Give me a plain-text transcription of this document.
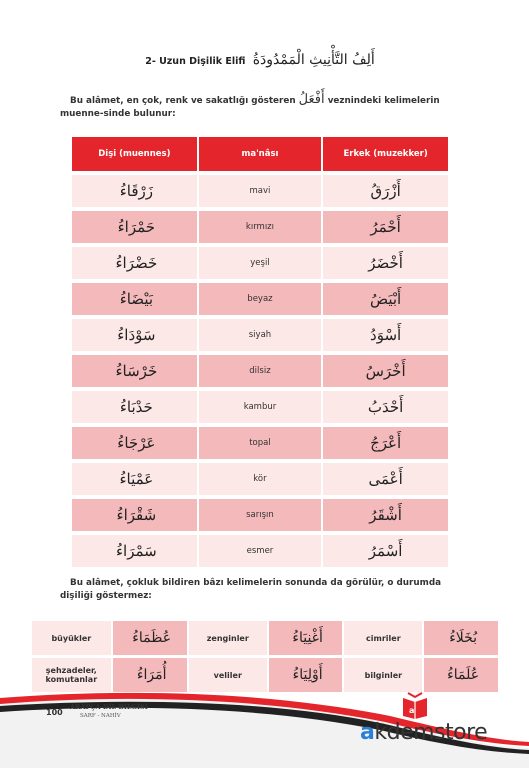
2- Uzun Dişilik Elifi أَلِفُ التَّأْنِيثِ الْمَمْدُودَةُ

Bu alâmet, en çok, renk ve sakatlığı gösteren أَفْعَلُ veznindeki kelimelerin muenne-sinde bulunur:

Dişi (muennes)	ma'nâsı	Erkek (muzekker)
زَرْقَاءُ	mavi	أَزْرَقُ
حَمْرَاءُ	kırmızı	أَحْمَرُ
خَضْرَاءُ	yeşil	أَخْضَرُ
بَيْضَاءُ	beyaz	أَبْيَضُ
سَوْدَاءُ	siyah	أَسْوَدُ
خَرْسَاءُ	dilsiz	أَخْرَسُ
حَدْبَاءُ	kambur	أَحْدَبُ
عَرْجَاءُ	topal	أَعْرَجُ
عَمْيَاءُ	kör	أَعْمَى
شَقْرَاءُ	sarışın	أَشْقَرُ
سَمْرَاءُ	esmer	أَسْمَرُ

Bu alâmet, çokluk bildiren bâzı kelimelerin sonunda da görülür, o durumda dişiliği göstermez:

büyükler	عُظَمَاءُ	zenginler	أَغْنِيَاءُ	cimriler	بُخَلَاءُ
şehzadeler, komutanlar	أُمَرَاءُ	veliler	أَوْلِيَاءُ	bilginler	عُلَمَاءُ
100
ARAPÇA DİL BİLGİSİ
SARF - NAHİV
a
akdemstore
